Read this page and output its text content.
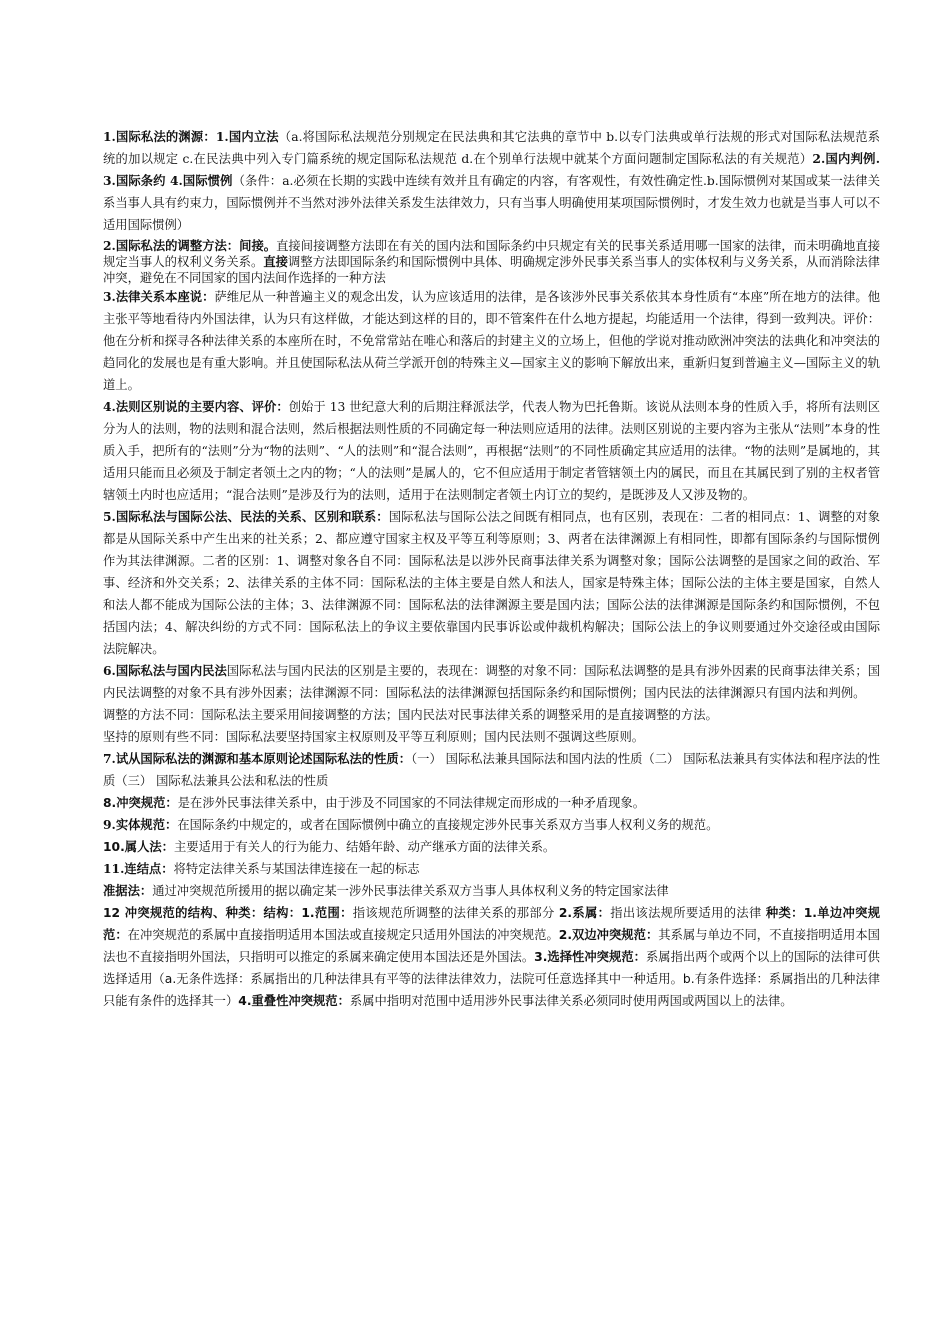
1.国际私法的渊源：1.国内立法（a.将国际私法规范分别规定在民法典和其它法典的章节中 b.以专门法典或单行法规的形式对国际私法规范系统的加以规定 c.在民法典中列入专门篇系统的规定国际私法规范 d.在个别单行法规中就某个方面问题制定国际私法的有关规范）2.国内判例. 3.国际条约 4.国际惯例（条件：a.必须在长期的实践中连续有效并且有确定的内容，有客观性，有效性确定性.b.国际惯例对某国或某一法律关系当事人具有约束力，国际惯例并不当然对涉外法律关系发生法律效力，只有当事人明确使用某项国际惯例时，才发生效力也就是当事人可以不适用国际惯例）

2.国际私法的调整方法：间接。直接间接调整方法即在有关的国内法和国际条约中只规定有关的民事关系适用哪一国家的法律，而未明确地直接规定当事人的权利义务关系。直接调整方法即国际条约和国际惯例中具体、明确规定涉外民事关系当事人的实体权利与义务关系，从而消除法律冲突，避免在不同国家的国内法间作选择的一种方法

3.法律关系本座说：萨维尼从一种普遍主义的观念出发，认为应该适用的法律，是各该涉外民事关系依其本身性质有“本座”所在地方的法律。他主张平等地看待内外国法律，认为只有这样做，才能达到这样的目的，即不管案件在什么地方提起，均能适用一个法律，得到一致判决。评价：他在分析和探寻各种法律关系的本座所在时，不免常常站在唯心和落后的封建主义的立场上，但他的学说对推动欧洲冲突法的法典化和冲突法的趋同化的发展也是有重大影响。并且使国际私法从荷兰学派开创的特殊主义—国家主义的影响下解放出来，重新归复到普遍主义—国际主义的轨道上。

4.法则区别说的主要内容、评价：创始于 13 世纪意大利的后期注释派法学，代表人物为巴托鲁斯。该说从法则本身的性质入手，将所有法则区分为人的法则，物的法则和混合法则，然后根据法则性质的不同确定每一种法则应适用的法律。法则区别说的主要内容为主张从“法则”本身的性质入手，把所有的“法则”分为“物的法则”、“人的法则”和“混合法则”，再根据“法则”的不同性质确定其应适用的法律。“物的法则”是属地的，其适用只能而且必须及于制定者领土之内的物；“人的法则”是属人的，它不但应适用于制定者管辖领土内的属民，而且在其属民到了别的主权者管辖领土内时也应适用；“混合法则”是涉及行为的法则，适用于在法则制定者领土内订立的契约，是既涉及人又涉及物的。

5.国际私法与国际公法、民法的关系、区别和联系：国际私法与国际公法之间既有相同点，也有区别，表现在：二者的相同点：1、调整的对象都是从国际关系中产生出来的社关系；2、都应遵守国家主权及平等互利等原则；3、两者在法律渊源上有相同性，即都有国际条约与国际惯例作为其法律渊源。二者的区别：1、调整对象各自不同：国际私法是以涉外民商事法律关系为调整对象；国际公法调整的是国家之间的政治、军事、经济和外交关系；2、法律关系的主体不同：国际私法的主体主要是自然人和法人，国家是特殊主体；国际公法的主体主要是国家，自然人和法人都不能成为国际公法的主体；3、法律渊源不同：国际私法的法律渊源主要是国内法；国际公法的法律渊源是国际条约和国际惯例，不包括国内法；4、解决纠纷的方式不同：国际私法上的争议主要依靠国内民事诉讼或仲裁机构解决；国际公法上的争议则要通过外交途径或由国际法院解决。

6.国际私法与国内民法国际私法与国内民法的区别是主要的，表现在：调整的对象不同：国际私法调整的是具有涉外因素的民商事法律关系；国内民法调整的对象不具有涉外因素；法律渊源不同：国际私法的法律渊源包括国际条约和国际惯例；国内民法的法律渊源只有国内法和判例。

调整的方法不同：国际私法主要采用间接调整的方法；国内民法对民事法律关系的调整采用的是直接调整的方法。

坚持的原则有些不同：国际私法要坚持国家主权原则及平等互利原则；国内民法则不强调这些原则。

7.试从国际私法的渊源和基本原则论述国际私法的性质：（一） 国际私法兼具国际法和国内法的性质（二） 国际私法兼具有实体法和程序法的性质（三） 国际私法兼具公法和私法的性质

8.冲突规范：是在涉外民事法律关系中，由于涉及不同国家的不同法律规定而形成的一种矛盾现象。

9.实体规范：在国际条约中规定的，或者在国际惯例中确立的直接规定涉外民事关系双方当事人权利义务的规范。

10.属人法：主要适用于有关人的行为能力、结婚年龄、动产继承方面的法律关系。

11.连结点：将特定法律关系与某国法律连接在一起的标志

准据法：通过冲突规范所援用的据以确定某一涉外民事法律关系双方当事人具体权利义务的特定国家法律

12 冲突规范的结构、种类：结构：1.范围：指该规范所调整的法律关系的那部分 2.系属：指出该法规所要适用的法律 种类：1.单边冲突规范：在冲突规范的系属中直接指明适用本国法或直接规定只适用外国法的冲突规范。2.双边冲突规范：其系属与单边不同，不直接指明适用本国法也不直接指明外国法，只指明可以推定的系属来确定使用本国法还是外国法。3.选择性冲突规范：系属指出两个或两个以上的国际的法律可供选择适用（a.无条件选择：系属指出的几种法律具有平等的法律法律效力，法院可任意选择其中一种适用。b.有条件选择：系属指出的几种法律只能有条件的选择其一）4.重叠性冲突规范：系属中指明对范围中适用涉外民事法律关系必须同时使用两国或两国以上的法律。
